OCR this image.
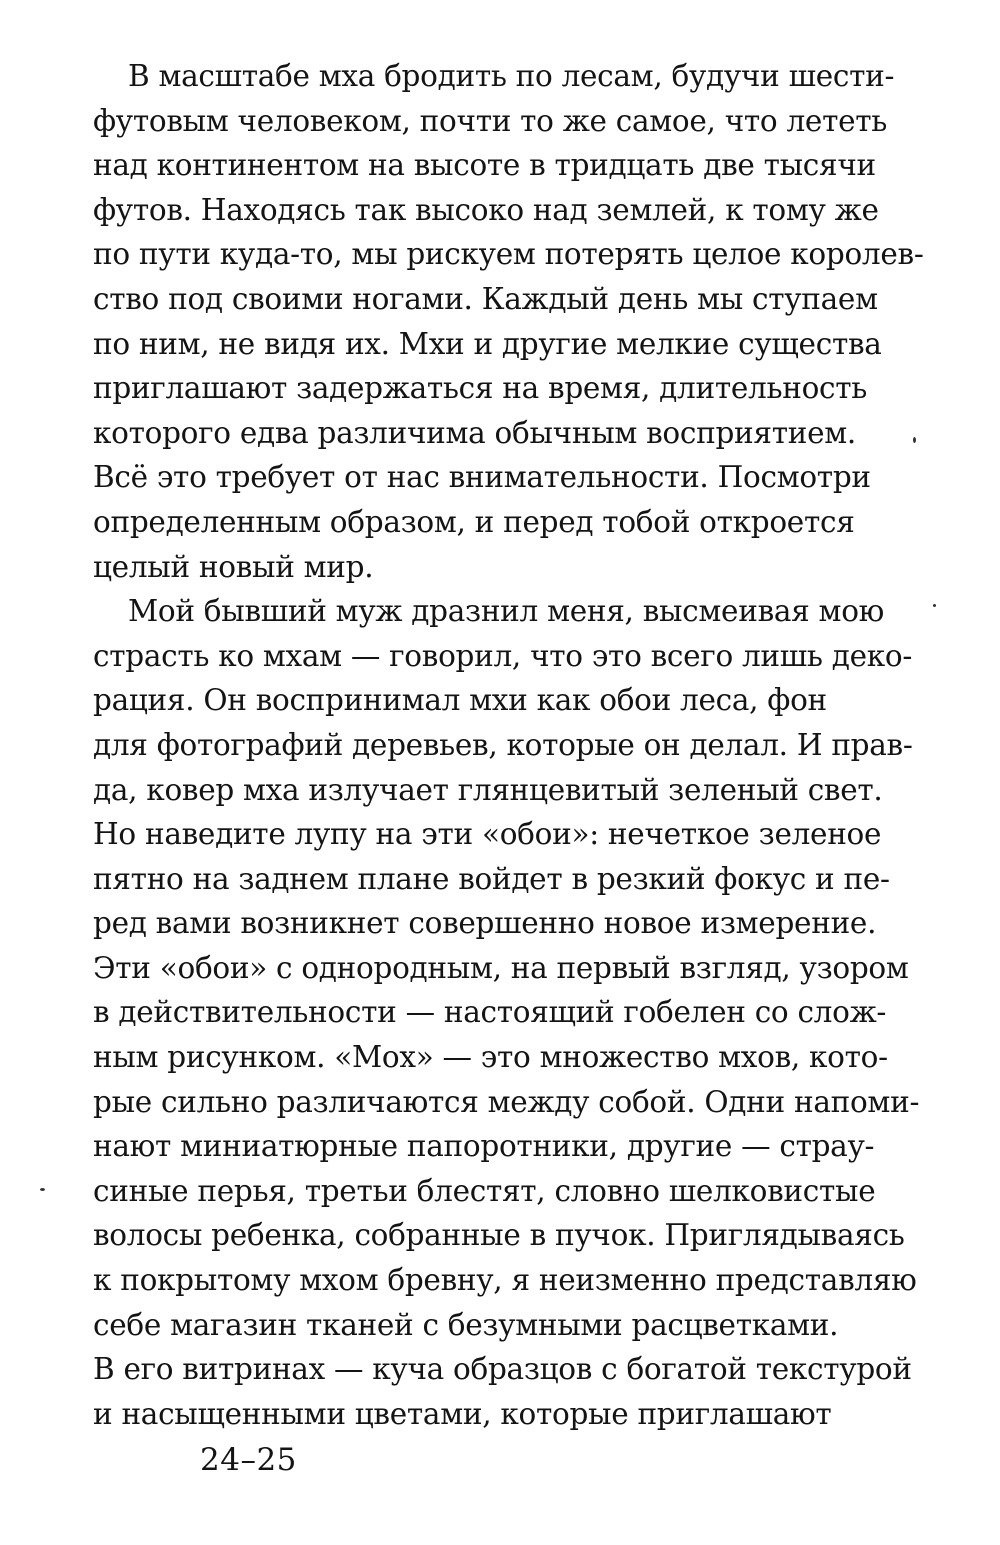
В масштабе мха бродить по лесам, будучи шести-
футовым человеком, почти то же самое, что лететь
над континентом на высоте в тридцать две тысячи
футов. Находясь так высоко над землей, к тому же
по пути куда-то, мы рискуем потерять целое королев-
ство под своими ногами. Каждый день мы ступаем
по ним, не видя их. Мхи и другие мелкие существа
приглашают задержаться на время, длительность
которого едва различима обычным восприятием.
Всё это требует от нас внимательности. Посмотри
определенным образом, и перед тобой откроется
целый новый мир.
Мой бывший муж дразнил меня, высмеивая мою
страсть ко мхам — говорил, что это всего лишь деко-
рация. Он воспринимал мхи как обои леса, фон
для фотографий деревьев, которые он делал. И прав-
да, ковер мха излучает глянцевитый зеленый свет.
Но наведите лупу на эти «обои»: нечеткое зеленое
пятно на заднем плане войдет в резкий фокус и пе-
ред вами возникнет совершенно новое измерение.
Эти «обои» с однородным, на первый взгляд, узором
в действительности — настоящий гобелен со слож-
ным рисунком. «Мох» — это множество мхов, кото-
рые сильно различаются между собой. Одни напоми-
нают миниатюрные папоротники, другие — страу-
синые перья, третьи блестят, словно шелковистые
волосы ребенка, собранные в пучок. Приглядываясь
к покрытому мхом бревну, я неизменно представляю
себе магазин тканей с безумными расцветками.
В его витринах — куча образцов с богатой текстурой
и насыщенными цветами, которые приглашают
24–25
